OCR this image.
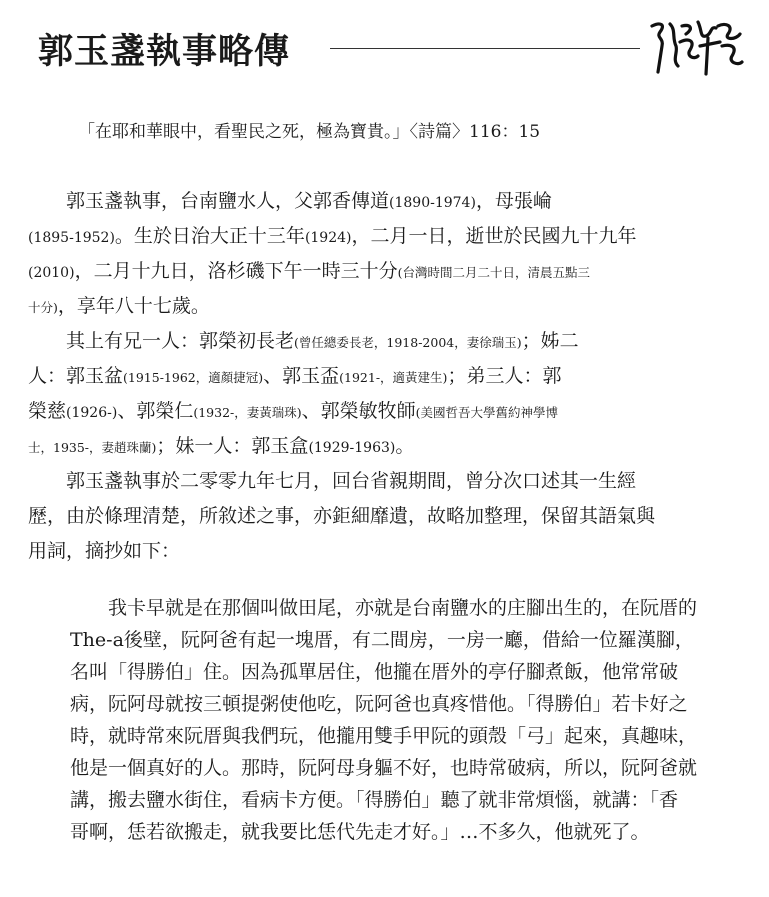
郭玉盞執事略傳
「在耶和華眼中，看聖民之死，極為寶貴。」〈詩篇〉116：15
郭玉盞執事，台南鹽水人，父郭香傳道(1890-1974)，母張崘
(1895-1952)。生於日治大正十三年(1924)，二月一日，逝世於民國九十九年
(2010)，二月十九日，洛杉磯下午一時三十分(台灣時間二月二十日，清晨五點三
十分)，享年八十七歲。
其上有兄一人：郭榮初長老(曾任總委長老，1918-2004，妻徐瑞玉)；姊二
人：郭玉盆(1915-1962，適顏捷冠)、郭玉盃(1921-，適黃建生)；弟三人：郭
榮慈(1926-)、郭榮仁(1932-，妻黃瑞珠)、郭榮敏牧師(美國哲吾大學舊約神學博
士，1935-，妻趙珠蘭)；妹一人：郭玉盒(1929-1963)。
郭玉盞執事於二零零九年七月，回台省親期間，曾分次口述其一生經
歷，由於條理清楚，所敘述之事，亦鉅細靡遺，故略加整理，保留其語氣與
用詞，摘抄如下：
我卡早就是在那個叫做田尾，亦就是台南鹽水的庄腳出生的，在阮厝的
The-a後壁，阮阿爸有起一塊厝，有二間房，一房一廳，借給一位羅漢腳，
名叫「得勝伯」住。因為孤單居住，他攏在厝外的亭仔腳煮飯，他常常破
病，阮阿母就按三頓提粥使他吃，阮阿爸也真疼惜他。「得勝伯」若卡好之
時，就時常來阮厝與我們玩，他攏用雙手甲阮的頭殼「弓」起來，真趣味，
他是一個真好的人。那時，阮阿母身軀不好，也時常破病，所以，阮阿爸就
講，搬去鹽水街住，看病卡方便。「得勝伯」聽了就非常煩惱，就講：「香
哥啊，恁若欲搬走，就我要比恁代先走才好。」…不多久，他就死了。
